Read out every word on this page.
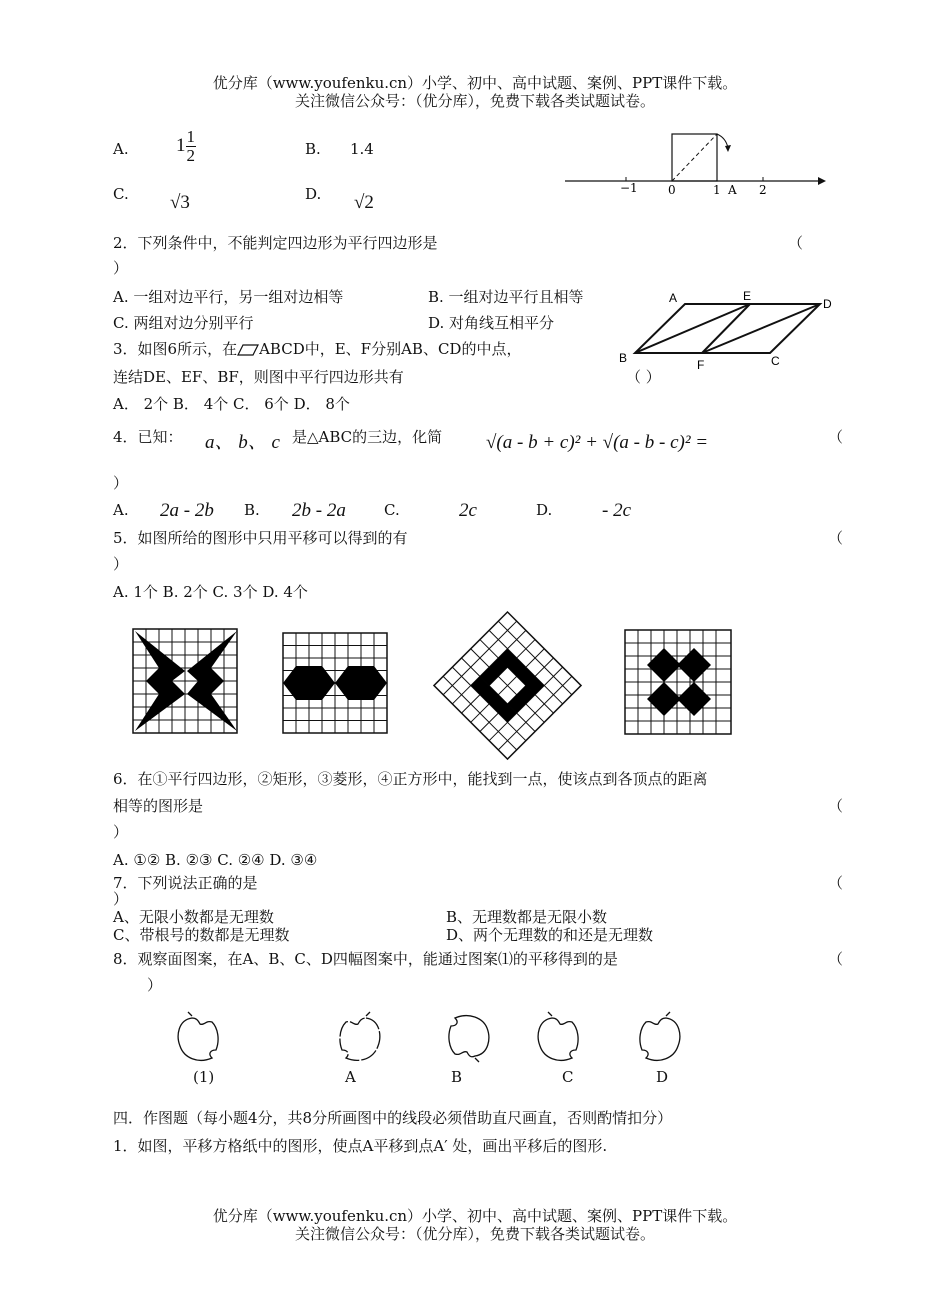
优分库（www.youfenku.cn）小学、初中、高中试题、案例、PPT课件下载。
关注微信公众号：（优分库），免费下载各类试题试卷。
A. $1 \frac{1}{2}$	B. 1.4
C. √3	D. √2
−1	0	1 A 2
2．下列条件中，不能判定四边形为平行四边形是	（
）
A. 一组对边平行，另一组对边相等	B. 一组对边平行且相等
C. 两组对边分别平行	D. 对角线互相平分
A	E
D
B	F	C
3．如图6所示，在 ABCD中，E、F分别AB、CD的中点，
连结DE、EF、BF，则图中平行四边形共有	（ ）
A． 2个 B． 4个 C． 6个 D． 8个
4．已知： a、 b、 c 是△ABC的三边，化简 √(a - b + c)² + √(a - b - c)² =	（
）
A. 2a - 2b B. 2b - 2a	C.	2c	D.	- 2c
5．如图所给的图形中只用平移可以得到的有	（
）
A. 1个 B. 2个 C. 3个 D. 4个
6．在①平行四边形，②矩形，③菱形，④正方形中，能找到一点，使该点到各顶点的距离
相等的图形是	（
）
A. ①② B. ②③ C. ②④ D. ③④
7．下列说法正确的是	（
）
A、无限小数都是无理数	B、无理数都是无限小数
C、带根号的数都是无理数	D、两个无理数的和还是无理数
8．观察面图案，在A、B、C、D四幅图案中，能通过图案⑴的平移得到的是	（
）
(1)	A	B	C	D
四．作图题（每小题4分，共8分所画图中的线段必须借助直尺画直，否则酌情扣分）
1．如图，平移方格纸中的图形，使点A平移到点A′ 处，画出平移后的图形.
优分库（www.youfenku.cn）小学、初中、高中试题、案例、PPT课件下载。
关注微信公众号：（优分库），免费下载各类试题试卷。
